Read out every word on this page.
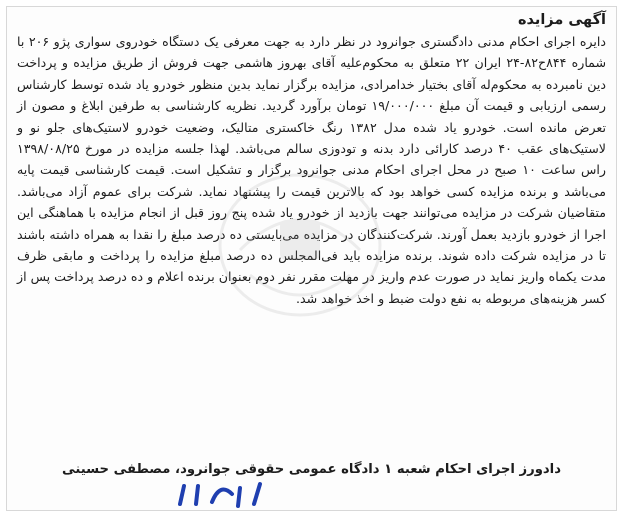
آگهی مزایده

دایره اجرای احکام مدنی دادگستری جوانرود در نظر دارد به جهت معرفی یک دستگاه خودروی سواری پژو ۲۰۶ با شماره ۸۴۴ح۸۲-۲۴ ایران ۲۲ متعلق به محکوم‌علیه آقای بهروز هاشمی جهت فروش از طریق مزایده و پرداخت دین نامبرده به محکوم‌له آقای بختیار خدامرادی، مزایده برگزار نماید بدین منظور خودرو یاد شده توسط کارشناس رسمی ارزیابی و قیمت آن مبلغ ۱۹/۰۰۰/۰۰۰ تومان برآورد گردید. نظریه کارشناسی به طرفین ابلاغ و مصون از تعرض مانده است. خودرو یاد شده مدل ۱۳۸۲ رنگ خاکستری متالیک، وضعیت خودرو لاستیک‌های جلو نو و لاستیک‌های عقب ۴۰ درصد کارائی دارد بدنه و تودوزی سالم می‌باشد. لهذا جلسه مزایده در مورخ ۱۳۹۸/۰۸/۲۵ راس ساعت ۱۰ صبح در محل اجرای احکام مدنی جوانرود برگزار و تشکیل است. قیمت کارشناسی قیمت پایه می‌باشد و برنده مزایده کسی خواهد بود که بالاترین قیمت را پیشنهاد نماید. شرکت برای عموم آزاد می‌باشد. متقاضیان شرکت در مزایده می‌توانند جهت بازدید از خودرو یاد شده پنج روز قبل از انجام مزایده با هماهنگی این اجرا از خودرو بازدید بعمل آورند. شرکت‌کنندگان در مزایده می‌بایستی ده درصد مبلغ را نقدا به همراه داشته باشند تا در مزایده شرکت داده شوند. برنده مزایده باید فی‌المجلس ده درصد مبلغ مزایده را پرداخت و مابقی ظرف مدت یکماه واریز نماید در صورت عدم واریز در مهلت مقرر نفر دوم بعنوان برنده اعلام و ده درصد پرداخت پس از کسر هزینه‌های مربوطه به نفع دولت ضبط و اخذ خواهد شد.

دادورز اجرای احکام شعبه ۱ دادگاه عمومی حقوقی جوانرود، مصطفی حسینی
